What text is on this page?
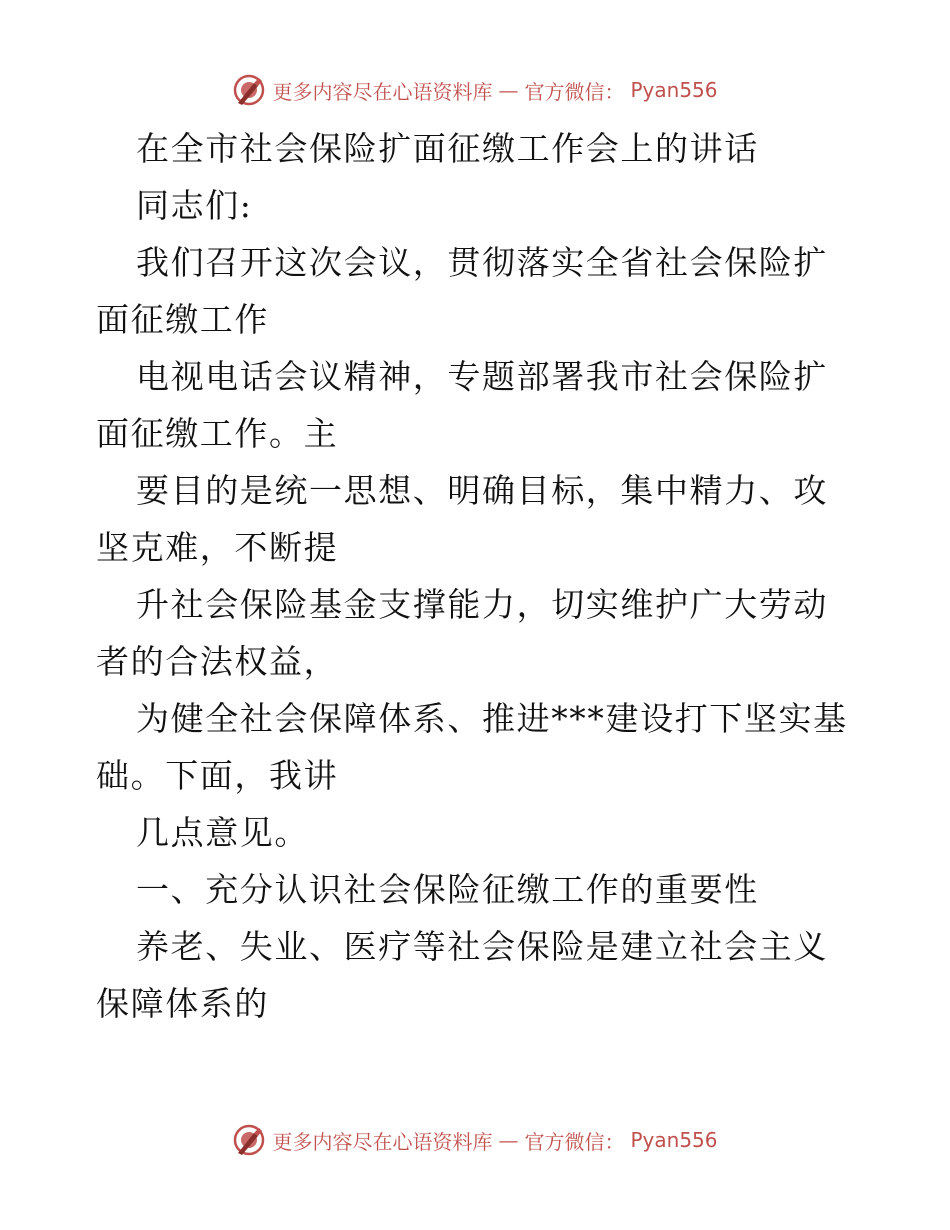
更多内容尽在心语资料库 — 官方微信： Pyan556

在全市社会保险扩面征缴工作会上的讲话

同志们:

我们召开这次会议，贯彻落实全省社会保险扩面征缴工作

电视电话会议精神，专题部署我市社会保险扩面征缴工作。主

要目的是统一思想、明确目标，集中精力、攻坚克难，不断提

升社会保险基金支撑能力，切实维护广大劳动者的合法权益，

为健全社会保障体系、推进***建设打下坚实基础。下面，我讲

几点意见。

一、充分认识社会保险征缴工作的重要性

养老、失业、医疗等社会保险是建立社会主义保障体系的

更多内容尽在心语资料库 — 官方微信： Pyan556
